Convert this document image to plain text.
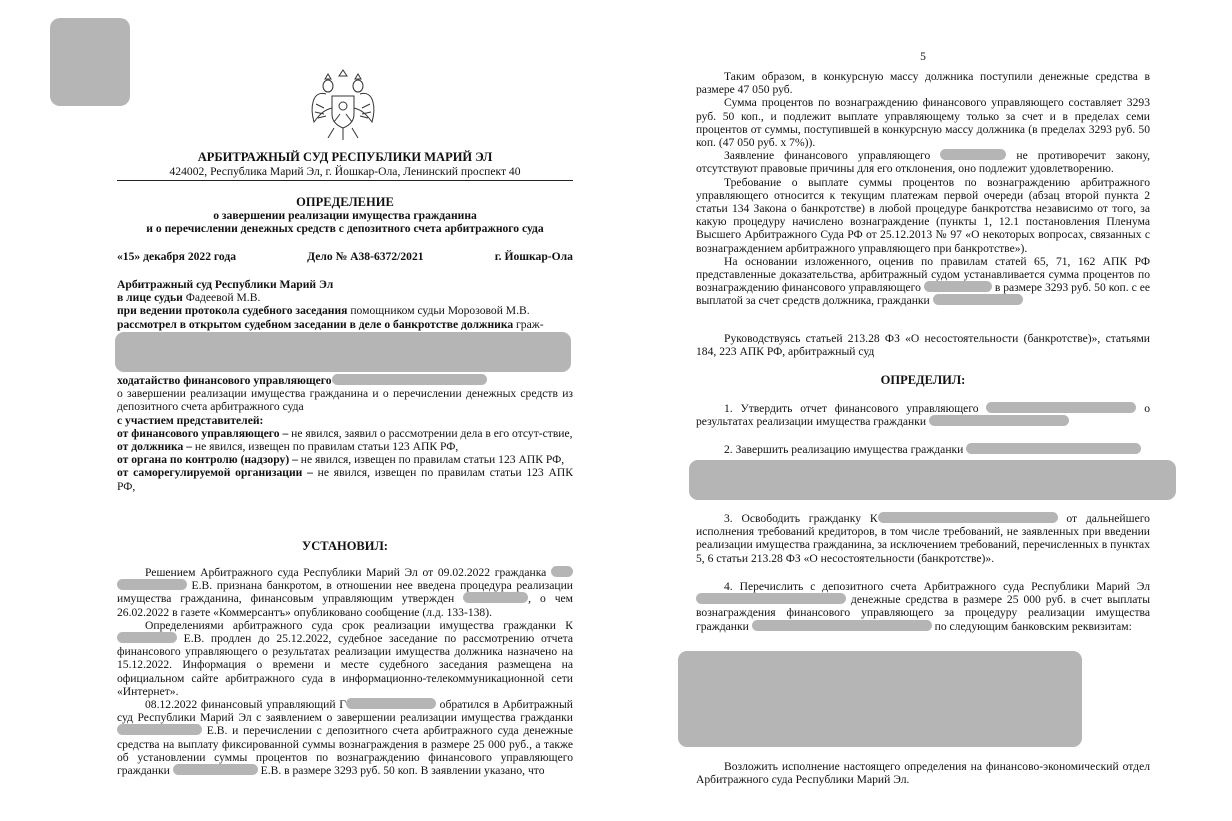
АРБИТРАЖНЫЙ СУД РЕСПУБЛИКИ МАРИЙ ЭЛ
424002, Республика Марий Эл, г. Йошкар-Ола, Ленинский проспект 40
ОПРЕДЕЛЕНИЕ
о завершении реализации имущества гражданина
и о перечислении денежных средств с депозитного счета арбитражного суда
«15» декабря 2022 года	Дело № А38-6372/2021	г. Йошкар-Ола

Арбитражный суд Республики Марий Эл

в лице судьи Фадеевой М.В.

при ведении протокола судебного заседания помощником судьи Морозовой М.В.

рассмотрел в открытом судебном заседании в деле о банкротстве должника граж-

ходатайство финансового управляющего

о завершении реализации имущества гражданина и о перечислении денежных средств из депозитного счета арбитражного суда

с участием представителей:

от финансового управляющего – не явился, заявил о рассмотрении дела в его отсут-ствие,

от должника – не явился, извещен по правилам статьи 123 АПК РФ,

от органа по контролю (надзору) – не явился, извещен по правилам статьи 123 АПК РФ,

от саморегулируемой организации – не явился, извещен по правилам статьи 123 АПК РФ,

УСТАНОВИЛ:

Решением Арбитражного суда Республики Марий Эл от 09.02.2022 гражданка   Е.В. признана банкротом, в отношении нее введена процедура реализации имущества гражданина, финансовым управляющим утвержден	, о чем 26.02.2022 в газете «Коммерсантъ» опубликовано сообщение (л.д. 133-138).

Определениями арбитражного суда срок реализации имущества гражданки К  Е.В. продлен до 25.12.2022, судебное заседание по рассмотрению отчета финансового управляющего о результатах реализации имущества должника назначено на 15.12.2022. Информация о времени и месте судебного заседания размещена на официальном сайте арбитражного суда в информационно-телекоммуникационной сети «Интернет».

08.12.2022 финансовый управляющий Г	обратился в Арбитражный суд Республики Марий Эл с заявлением о завершении реализации имущества гражданки  Е.В. и перечислении с депозитного счета арбитражного суда денежные средства на выплату фиксированной суммы вознаграждения в размере 25 000 руб., а также об установлении суммы процентов по вознаграждению финансового управляющего гражданки	Е.В. в размере 3293 руб. 50 коп. В заявлении указано, что

5

Таким образом, в конкурсную массу должника поступили денежные средства в размере 47 050 руб.

Сумма процентов по вознаграждению финансового управляющего составляет 3293 руб. 50 коп., и подлежит выплате управляющему только за счет и в пределах семи процентов от суммы, поступившей в конкурсную массу должника (в пределах 3293 руб. 50 коп. (47 050 руб. х 7%)).

Заявление финансового управляющего	не противоречит закону, отсутствуют правовые причины для его отклонения, оно подлежит удовлетворению.

Требование о выплате суммы процентов по вознаграждению арбитражного управляющего относится к текущим платежам первой очереди (абзац второй пункта 2 статьи 134 Закона о банкротстве) в любой процедуре банкротства независимо от того, за какую процедуру начислено вознаграждение (пункты 1, 12.1 постановления Пленума Высшего Арбитражного Суда РФ от 25.12.2013 № 97 «О некоторых вопросах, связанных с вознаграждением арбитражного управляющего при банкротстве»).

На основании изложенного, оценив по правилам статей 65, 71, 162 АПК РФ представленные доказательства, арбитражный судом устанавливается сумма процентов по вознаграждению финансового управляющего	в размере 3293 руб. 50 коп. с ее выплатой за счет средств должника, гражданки

Руководствуясь статьей 213.28 ФЗ «О несостоятельности (банкротстве)», статьями 184, 223 АПК РФ, арбитражный суд

ОПРЕДЕЛИЛ:

1. Утвердить отчет финансового управляющего	о результатах реализации имущества гражданки

2. Завершить реализацию имущества гражданки

3. Освободить гражданку К	от дальнейшего исполнения требований кредиторов, в том числе требований, не заявленных при введении реализации имущества гражданина, за исключением требований, перечисленных в пунктах 5, 6 статьи 213.28 ФЗ «О несостоятельности (банкротстве)».

4. Перечислить с депозитного счета Арбитражного суда Республики Марий Эл  денежные средства в размере 25 000 руб. в счет выплаты вознаграждения финансового управляющего за процедуру реализации имущества гражданки	по следующим банковским реквизитам:

Возложить исполнение настоящего определения на финансово-экономический отдел Арбитражного суда Республики Марий Эл.
